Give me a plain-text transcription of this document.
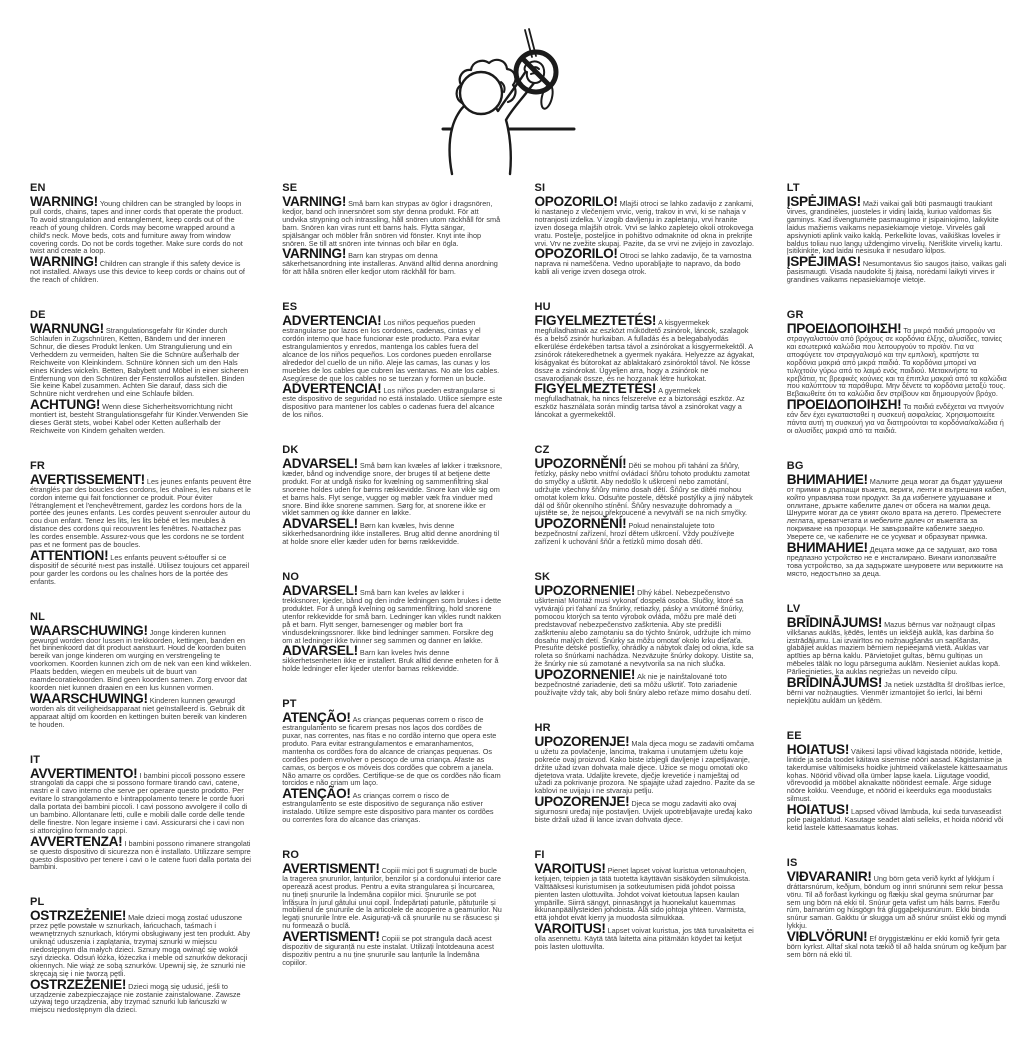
EN

WARNING! Young children can be strangled by loops in pull cords, chains, tapes and inner cords that operate the product. To avoid strangulation and entanglement, keep cords out of the reach of young children. Cords may become wrapped around a child's neck. Move beds, cots and furniture away from window covering cords. Do not be cords together. Make sure cords do not twist and create a loop.

WARNING! Children can strangle if this safety device is not installed. Always use this device to keep cords or chains out of the reach of children.

DE

WARNUNG! Strangulationsgefahr für Kinder durch Schlaufen in Zugschnüren, Ketten, Bändern und der inneren Schnur, die dieses Produkt lenken. Um Strangulierung und ein Verheddern zu vermeiden, halten Sie die Schnüre außerhalb der Reichweite von Kleinkindern. Schnüre können sich um den Hals eines Kindes wickeln. Betten, Babybett und Möbel in einer sicheren Entfernung von den Schnüren der Fensterrollos aufstellen. Binden Sie keine Kabel zusammen. Achten Sie darauf, dass sich die Schnüre nicht verdrehen und eine Schlaufe bilden.

ACHTUNG! Wenn diese Sicherheitsvorrichtung nicht montiert ist, besteht Strangulationsgefahr für Kinder.Verwenden Sie dieses Gerät stets, wobei Kabel oder Ketten außerhalb der Reichweite von Kindern gehalten werden.

FR

AVERTISSEMENT! Les jeunes enfants peuvent être étranglés par des boucles des cordons, les chaînes, les rubans et le cordon interne qui fait fonctionner ce produit. Pour éviter l'étranglement et l'enchevêtrement, gardez les cordons hors de la portée des jeunes enfants. Les cordes peuvent s›enrouler autour du cou d›un enfant. Tenez les lits, les lits bébé et les meubles à distance des cordons qui recouvrent les fenêtres. N›attachez pas les cordes ensemble. Assurez-vous que les cordons ne se tordent pas et ne forment pas de boucles.

ATTENTION! Les enfants peuvent s›étouffer si ce dispositif de sécurité n›est pas installé. Utilisez toujours cet appareil pour garder les cordons ou les chaînes hors de la portée des enfants.

NL

WAARSCHUWING! Jonge kinderen kunnen gewurgd worden door lussen in trekkoorden, kettingen, banden en het binnenkoord dat dit product aanstuurt. Houd de koorden buiten bereik van jonge kinderen om wurging en verstrengeling te voorkomen. Koorden kunnen zich om de nek van een kind wikkelen. Plaats bedden, wiegen en meubels uit de buurt van raamdecoratiekoorden. Bind geen koorden samen. Zorg ervoor dat koorden niet kunnen draaien en een lus kunnen vormen.

WAARSCHUWING! Kinderen kunnen gewurgd worden als dit veiligheidsapparaat niet geïnstalleerd is. Gebruik dit apparaat altijd om koorden en kettingen buiten bereik van kinderen te houden.

IT

AVVERTIMENTO! I bambini piccoli possono essere strangolati da cappi che si possono formare tirando cavi, catene, nastri e il cavo interno che serve per operare questo prodotto. Per evitare lo strangolamento e l›intrappolamento tenere le corde fuori dalla portata dei bambini piccoli. I cavi possono avvolgere il collo di un bambino. Allontanare letti, culle e mobili dalle corde delle tende delle finestre. Non legare insieme i cavi. Assicurarsi che i cavi non si attorciglino formando cappi.

AVVERTENZA! I bambini possono rimanere strangolati se questo dispositivo di sicurezza non è installato. Utilizzare sempre questo dispositivo per tenere i cavi o le catene fuori dalla portata dei bambini.

PL

OSTRZEŻENIE! Małe dzieci mogą zostać uduszone przez pętle powstałe w sznurkach, łańcuchach, taśmach i wewnętrznych sznurkach, którymi obsługiwany jest ten produkt. Aby uniknąć uduszenia i zaplątania, trzymaj sznurki w miejscu niedostępnym dla małych dzieci. Sznury mogą owinąć się wokół szyi dziecka. Odsuń łóżka, łóżeczka i meble od sznurków dekoracji okiennych. Nie wiąż ze sobą sznurków. Upewnij się, że sznurki nie skręcają się i nie tworzą pętli.

OSTRZEŻENIE! Dzieci mogą się udusić, jeśli to urządzenie zabezpieczające nie zostanie zainstalowane. Zawsze używaj tego urządzenia, aby trzymać sznurki lub łańcuszki w miejscu niedostępnym dla dzieci.

SE

VARNING! Små barn kan strypas av öglor i dragsnören, kedjor, band och innersnöret som styr denna produkt. För att undvika strypning och intrassling, håll snören utom räckhåll för små barn. Snören kan viras runt ett barns hals. Flytta sängar, spjälsängar och möbler från snören vid fönster. Knyt inte ihop snören. Se till att snören inte tvinnas och bilar en ögla.

VARNING! Barn kan strypas om denna säkerhetsanordning inte installeras. Använd alltid denna anordning för att hålla snören eller kedjor utom räckhåll för barn.

ES

ADVERTENCIA! Los niños pequeños pueden estrangularse por lazos en los cordones, cadenas, cintas y el cordón interno que hace funcionar este producto. Para evitar estrangulamientos y enredos, mantenga los cables fuera del alcance de los niños pequeños. Los cordones pueden enrollarse alrededor del cuello de un niño. Aleje las camas, las cunas y los muebles de los cables que cubren las ventanas. No ate los cables. Asegúrese de que los cables no se tuerzan y formen un bucle.

ADVERTENCIA! Los niños pueden estrangularse si este dispositivo de seguridad no está instalado. Utilice siempre este dispositivo para mantener los cables o cadenas fuera del alcance de los niños.

DK

ADVARSEL! Små børn kan kvæles af løkker i træksnore, kæder, bånd og indvendige snore, der bruges til at betjene dette produkt. For at undgå risiko for kvælning og sammenfiltring skal snorene holdes uden for børns rækkevidde. Snore kan vikle sig om et barns hals. Flyt senge, vugger og møbler væk fra vinduer med snore. Bind ikke snorene sammen. Sørg for, at snorene ikke er viklet sammen og ikke danner en løkke.

ADVARSEL! Børn kan kvæles, hvis denne sikkerhedsanordning ikke installeres. Brug altid denne anordning til at holde snore eller kæder uden for børns rækkevidde.

NO

ADVARSEL! Små barn kan kveles av løkker i trekksnorer, kjeder, bånd og den indre ledningen som brukes i dette produktet. For å unngå kvelning og sammenfiltring, hold snorene utenfor rekkevidde for små barn. Ledninger kan vikles rundt nakken på et barn. Flytt senger, barnesenger og møbler bort fra vindusdekningssnorer. Ikke bind ledninger sammen. Forsikre deg om at ledninger ikke tvinner seg sammen og danner en løkke.

ADVARSEL! Barn kan kveles hvis denne sikkerhetsenheten ikke er installert. Bruk alltid denne enheten for å holde ledninger eller kjeder utenfor barnas rekkevidde.

PT

ATENÇÃO! As crianças pequenas correm o risco de estrangulamento se ficarem presas nos laços dos cordões de puxar, nas correntes, nas fitas e no cordão interno que opera este produto. Para evitar estrangulamentos e emaranhamentos, mantenha os cordões fora do alcance de crianças pequenas. Os cordões podem envolver o pescoço de uma criança. Afaste as camas, os berços e os móveis dos cordões que cobrem a janela. Não amarre os cordões. Certifique-se de que os cordões não ficam torcidos e não criam um laço.

ATENÇÃO! As crianças correm o risco de estrangulamento se este dispositivo de segurança não estiver instalado. Utilize sempre este dispositivo para manter os cordões ou correntes fora do alcance das crianças.

RO

AVERTISMENT! Copiii mici pot fi sugrumați de bucle la tragerea șnururilor, lanțurilor, benzilor și a cordonului interior care operează acest produs. Pentru a evita strangularea și încurcarea, nu țineți șnururile la îndemâna copiilor mici. Șnururile se pot înfășura în jurul gâtului unui copil. Îndepărtați paturile, pătuțurile și mobilierul de șnururile de la articolele de acoperire a geamurilor. Nu legați șnururile între ele. Asigurați-vă că șnururile nu se răsucesc și nu formează o buclă.

AVERTISMENT! Copiii se pot strangula dacă acest dispozitiv de siguranță nu este instalat. Utilizați întotdeauna acest dispozitiv pentru a nu ține șnururile sau lanțurile la îndemâna copiilor.

SI

OPOZORILO! Mlajši otroci se lahko zadavijo z zankami, ki nastanejo z vlečenjem vrvic, verig, trakov in vrvi, ki se nahaja v notranjosti izdelka. V izogib davljenju in zapletanju, vrvi hranite izven dosega mlajših otrok. Vrvi se lahko zapletejo okoli otrokovega vratu. Postelje, posteljice in pohištvo odmaknite od okna in prekrijte vrvi. Vrv ne zvežite skupaj. Pazite, da se vrvi ne zvijejo in zavozlajo.

OPOZORILO! Otroci se lahko zadavijo, če ta varnostna naprava ni nameščena. Vedno uporabljajte to napravo, da bodo kabli ali verige izven dosega otrok.

HU

FIGYELMEZTETÉS! A kisgyermekek megfulladhatnak az eszközt működtető zsinórok, láncok, szalagok és a belső zsinór hurkaiban. A fulladás és a belegabalyodás elkerülése érdekében tartsa távol a zsinórokat a kisgyermekektől. A zsinórok rátekeredhetnek a gyermek nyakára. Helyezze az ágyakat, kiságyakat és bútorokat az ablaktakaró zsinóroktól távol. Ne kösse össze a zsinórokat. Ügyeljen arra, hogy a zsinórok ne csavarodjanak össze, és ne hozzanak létre hurkokat.

FIGYELMEZTETÉS! A gyermekek megfulladhatnak, ha nincs felszerelve ez a biztonsági eszköz. Az eszköz használata során mindig tartsa távol a zsinórokat vagy a láncokat a gyermekektől.

CZ

UPOZORNĚNÍ! Děti se mohou při tahání za šňůry, řetízky, pásky nebo vnitřní ovládací šňůru tohoto produktu zamotat do smyčky a uškrtit. Aby nedošlo k uškrcení nebo zamotání, udržujte všechny šňůry mimo dosah dětí. Šňůry se dítěti mohou omotat kolem krku. Odsuňte postele, dětské postýlky a jiný nábytek dál od šňůr okenního stínění. Šňůry nesvazujte dohromady a ujistěte se, že nejsou překroucené a nevytváří se na nich smyčky.

UPOZORNĚNÍ! Pokud nenainstalujete toto bezpečnostní zařízení, hrozí dětem uškrcení. Vždy používejte zařízení k uchování šňůr a řetízků mimo dosah dětí.

SK

UPOZORNENIE! Dlhý kábel. Nebezpečenstvo uškrtenia! Montáž musí vykonať dospelá osoba. Slučky, ktoré sa vytvárajú pri ťahaní za šnúrky, retiazky, pásky a vnútorné šnúrky, pomocou ktorých sa tento výrobok ovláda, môžu pre malé deti predstavovať nebezpečenstvo zaškrtenia. Aby ste predišli zaškrteniu alebo zamotaniu sa do týchto šnúrok, udržujte ich mimo dosahu malých detí. Šnúrky sa môžu omotať okolo krku dieťaťa. Presuňte detské postieľky, ohrádky a nábytok ďalej od okna, kde sa roleta so šnúrkami nachádza. Nezväzujte šnúrky dokopy. Uistite sa, že šnúrky nie sú zamotané a nevytvorila sa na nich slučka.

UPOZORNENIE! Ak nie je nainštalované toto bezpečnostné zariadenie, deti sa môžu uškrtiť. Toto zariadenie používajte vždy tak, aby boli šnúry alebo reťaze mimo dosahu detí.

HR

UPOZORENJE! Mala djeca mogu se zadaviti omčama u užetu za povlačenje, lancima, trakama i unutarnjem užetu koje pokreće ovaj proizvod. Kako biste izbjegli davljenje i zapetljavanje, držite užad izvan dohvata male djece. Užice se mogu omotati oko djetetova vrata. Udaljite krevete, dječje krevetiće i namještaj od užadi za pokrivanje prozora. Ne spajajte užad zajedno. Pazite da se kablovi ne uvijaju i ne stvaraju petlju.

UPOZORENJE! Djeca se mogu zadaviti ako ovaj sigurnosni uređaj nije postavljen. Uvijek upotrebljavajte uređaj kako biste držali užad ili lance izvan dohvata djece.

FI

VAROITUS! Pienet lapset voivat kuristua vetonauhojen, ketjujen, teippien ja tätä tuotetta käyttävän sisäköyden silmukoista. Välttääksesi kuristumisen ja sotkeutumisen pidä johdot poissa pienten lasten ulottuvilta. Johdot voivat kietoutua lapsen kaulan ympärille. Siirrä sängyt, pinnasängyt ja huonekalut kauemmas ikkunanpäällysteiden johdoista. Älä sido johtoja yhteen. Varmista, että johdot eivät kierry ja muodosta silmukkaa.

VAROITUS! Lapset voivat kuristua, jos tätä turvalaitetta ei olla asennettu. Käytä tätä laitetta aina pitämään köydet tai ketjut pois lasten ulottuvilta.

LT

ĮSPĖJIMAS! Maži vaikai gali būti pasmaugti traukiant virves, grandinėles, juosteles ir vidinį laidą, kuriuo valdomas šis gaminys. Kad išvengtumėte pasmaugimo ir įsipainiojimo, laikykite laidus mažiems vaikams nepasiekiamoje vietoje. Virvelės gali apsivynioti aplink vaiko kaklą. Perkelkite lovas, vaikiškas loveles ir baldus toliau nuo langų uždengimo virvelių. Neriškite virvelių kartu. Įsitikinkite, kad laidai nesisuka ir nesudaro kilpos.

ĮSPĖJIMAS! Nesumontavus šio saugos įtaiso, vaikas gali pasismaugti. Visada naudokite šį įtaisą, norėdami laikyti virves ir grandines vaikams nepasiekiamoje vietoje.

GR

ΠΡΟΕΙΔΟΠΟΙΗΣΗ! Τα μικρά παιδιά μπορούν να στραγγαλιστούν από βρόχους σε κορδόνια έλξης, αλυσίδες, ταινίες και εσωτερικά καλώδια που λειτουργούν το προϊόν. Για να αποφύγετε τον στραγγαλισμό και την εμπλοκή, κρατήστε τα κορδόνια μακριά από μικρά παιδιά. Τα κορδόνια μπορεί να τυλιχτούν γύρω από το λαιμό ενός παιδιού. Μετακινήστε τα κρεβάτια, τις βρεφικές κούνιες και τα έπιπλα μακριά από τα καλώδια που καλύπτουν τα παράθυρα. Μην δένετε τα κορδόνια μεταξύ τους. Βεβαιωθείτε ότι τα καλώδια δεν στρίβουν και δημιουργούν βρόχο.

ΠΡΟΕΙΔΟΠΟΙΗΣΗ! Τα παιδιά ενδέχεται να πνιγούν εάν δεν έχει εγκατασταθεί η συσκευή ασφαλείας. Χρησιμοποιείτε πάντα αυτή τη συσκευή για να διατηρούνται τα κορδόνια/καλώδια ή οι αλυσίδες μακριά από τα παιδιά.

BG

ВНИМАНИЕ! Малките деца могат да бъдат удушени от примки в дърпащи въжета, вериги, ленти и вътрешния кабел, който управлява този продукт. За да избегнете удушаване и оплитане, дръжте кабелите далеч от обсега на малки деца. Шнурите могат да се увият около врата на детето. Преместете леглата, креватчетата и мебелите далеч от въжетата за покриване на прозорци. Не завързвайте кабелите заедно. Уверете се, че кабелите не се усукват и образуват примка.

ВНИМАНИЕ! Децата може да се задушат, ако това предпазно устройство не е инсталирано. Винаги използвайте това устройство, за да задържате шнуровете или верижките на място, недостъпно за деца.

LV

BRĪDINĀJUMS! Mazus bērnus var nožņaugt cilpas vilkšanas auklās, ķēdēs, lentēs un iekšējā auklā, kas darbina šo izstrādājumu. Lai izvairītos no nožņaugšanās un sapīšanās, glabājiet auklas maziem bērniem nepieejamā vietā. Auklas var aptīties ap bērna kaklu. Pārvietojiet gultas, bērnu gultiņas un mēbeles tālāk no logu pārseguma auklām. Nesieniet auklas kopā. Pārliecinieties, ka auklas negriežas un neveido cilpu.

BRĪDINĀJUMS! Ja netiek uzstādīta šī drošības ierīce, bērni var nožņaugties. Vienmēr izmantojiet šo ierīci, lai bērni nepiekļūtu auklām un ķēdēm.

EE

HOIATUS! Väikesi lapsi võivad kägistada nööride, kettide, lintide ja seda toodet käitava sisemise nööri aasad. Kägistamise ja takerdumise vältimiseks hoidke juhtmeid väikelastele kättesaamatus kohas. Nöörid võivad olla ümber lapse kaela. Liigutage voodid, võrevoodid ja mööbel aknakatte nööridest eemale. Ärge siduge nööre kokku. Veenduge, et nöörid ei keerduks ega moodustaks silmust.

HOIATUS! Lapsed võivad lämbuda, kui seda turvaseadist pole paigaldatud. Kasutage seadet alati selleks, et hoida nöörid või ketid lastele kättesaamatus kohas.

IS

VIÐVARANIR! Ung börn geta verið kyrkt af lykkjum í dráttarsnúrum, keðjum, böndum og innri snúrunni sem rekur þessa vöru. Til að forðast kyrkingu og flækju skal geyma snúrurnar þar sem ung börn ná ekki til. Snúrur geta vafist um háls barns. Færðu rúm, barnarúm og húsgögn frá gluggaþekjusnúrum. Ekki binda snúrur saman. Gakktu úr skugga um að snúrur snúist ekki og myndi lykkju.

VIÐLVÖRUN! Ef öryggistækinu er ekki komið fyrir geta börn kyrkst. Alltaf skal nota tækið til að halda snúrum og keðjum þar sem börn ná ekki til.
